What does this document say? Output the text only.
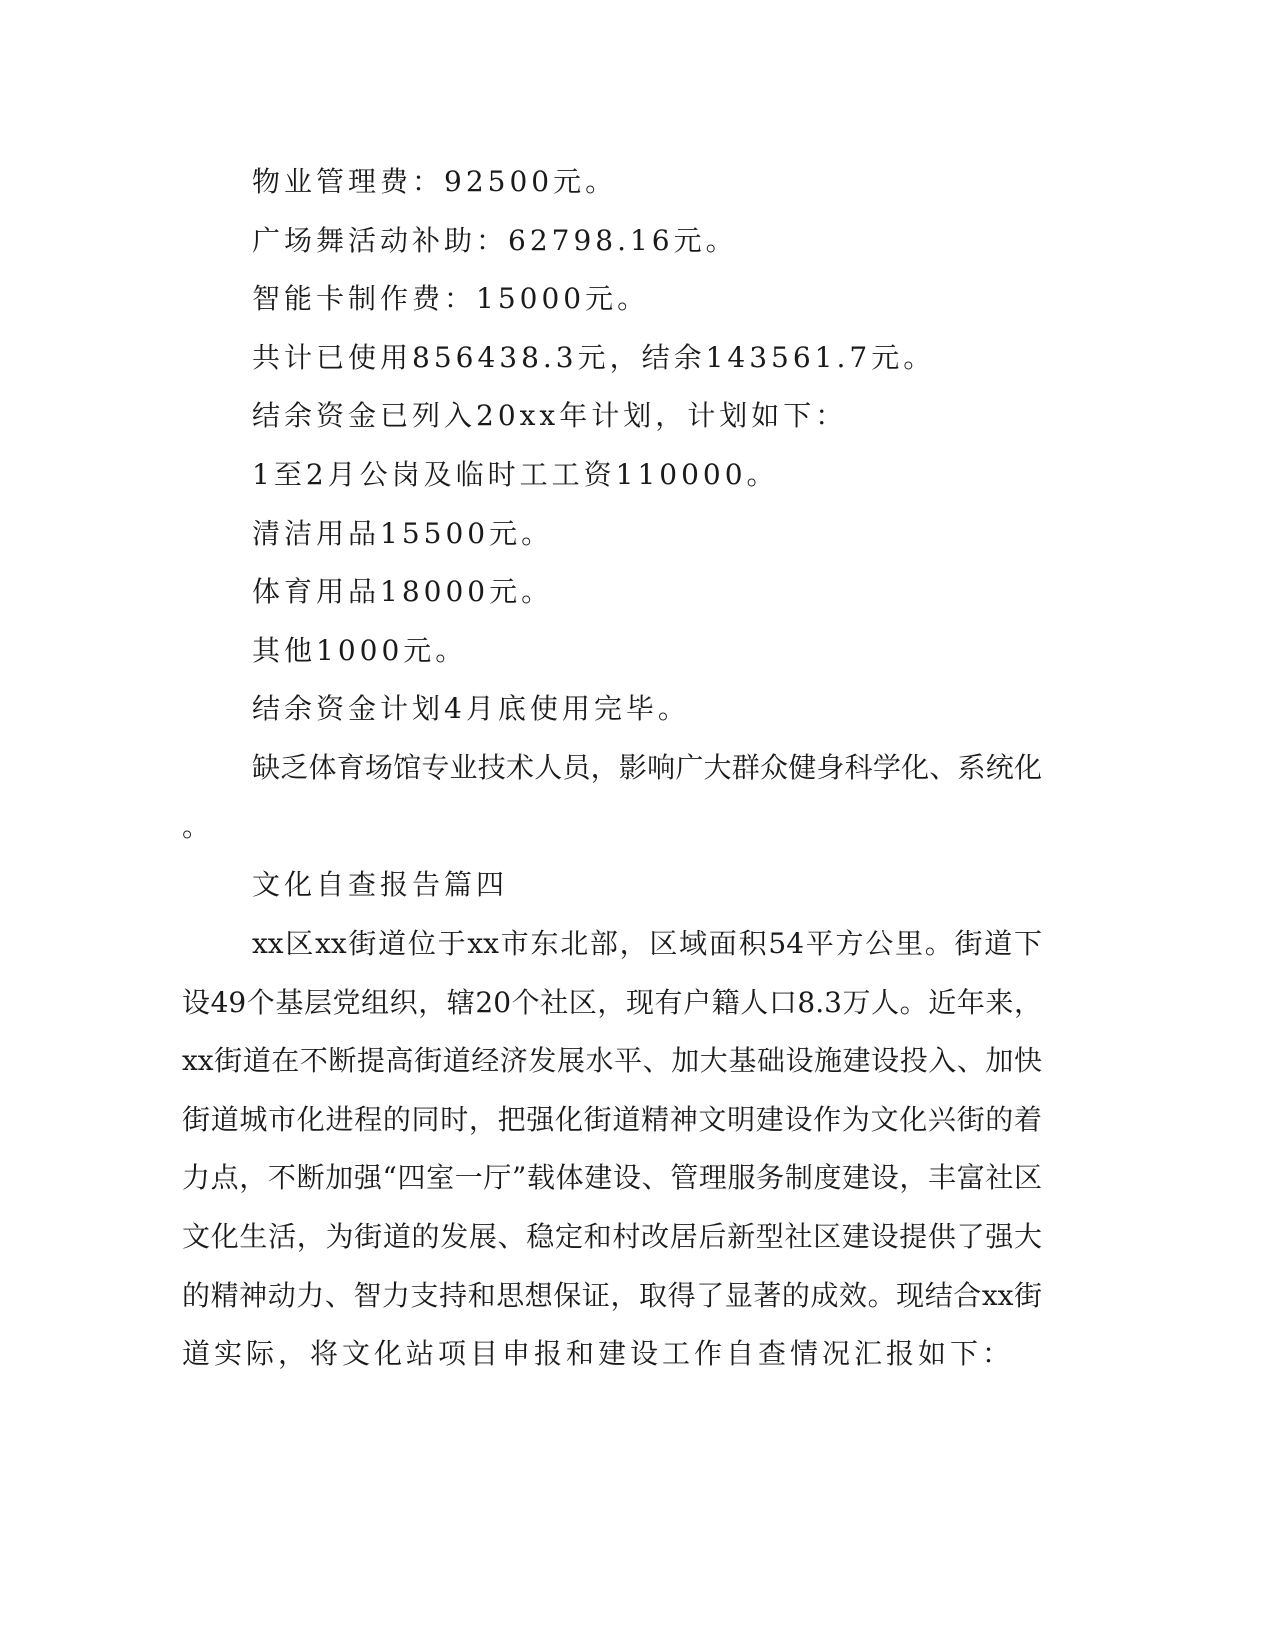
物业管理费：92500元。
广场舞活动补助：62798.16元。
智能卡制作费：15000元。
共计已使用856438.3元，结余143561.7元。
结余资金已列入20xx年计划，计划如下：
1至2月公岗及临时工工资110000。
清洁用品15500元。
体育用品18000元。
其他1000元。
结余资金计划4月底使用完毕。
缺乏体育场馆专业技术人员，影响广大群众健身科学化、系统化
。
文化自查报告篇四
xx区xx街道位于xx市东北部，区域面积54平方公里。街道下
设49个基层党组织，辖20个社区，现有户籍人口8.3万人。近年来，
xx街道在不断提高街道经济发展水平、加大基础设施建设投入、加快
街道城市化进程的同时，把强化街道精神文明建设作为文化兴街的着
力点，不断加强“四室一厅”载体建设、管理服务制度建设，丰富社区
文化生活，为街道的发展、稳定和村改居后新型社区建设提供了强大
的精神动力、智力支持和思想保证，取得了显著的成效。现结合xx街
道实际，将文化站项目申报和建设工作自查情况汇报如下：
